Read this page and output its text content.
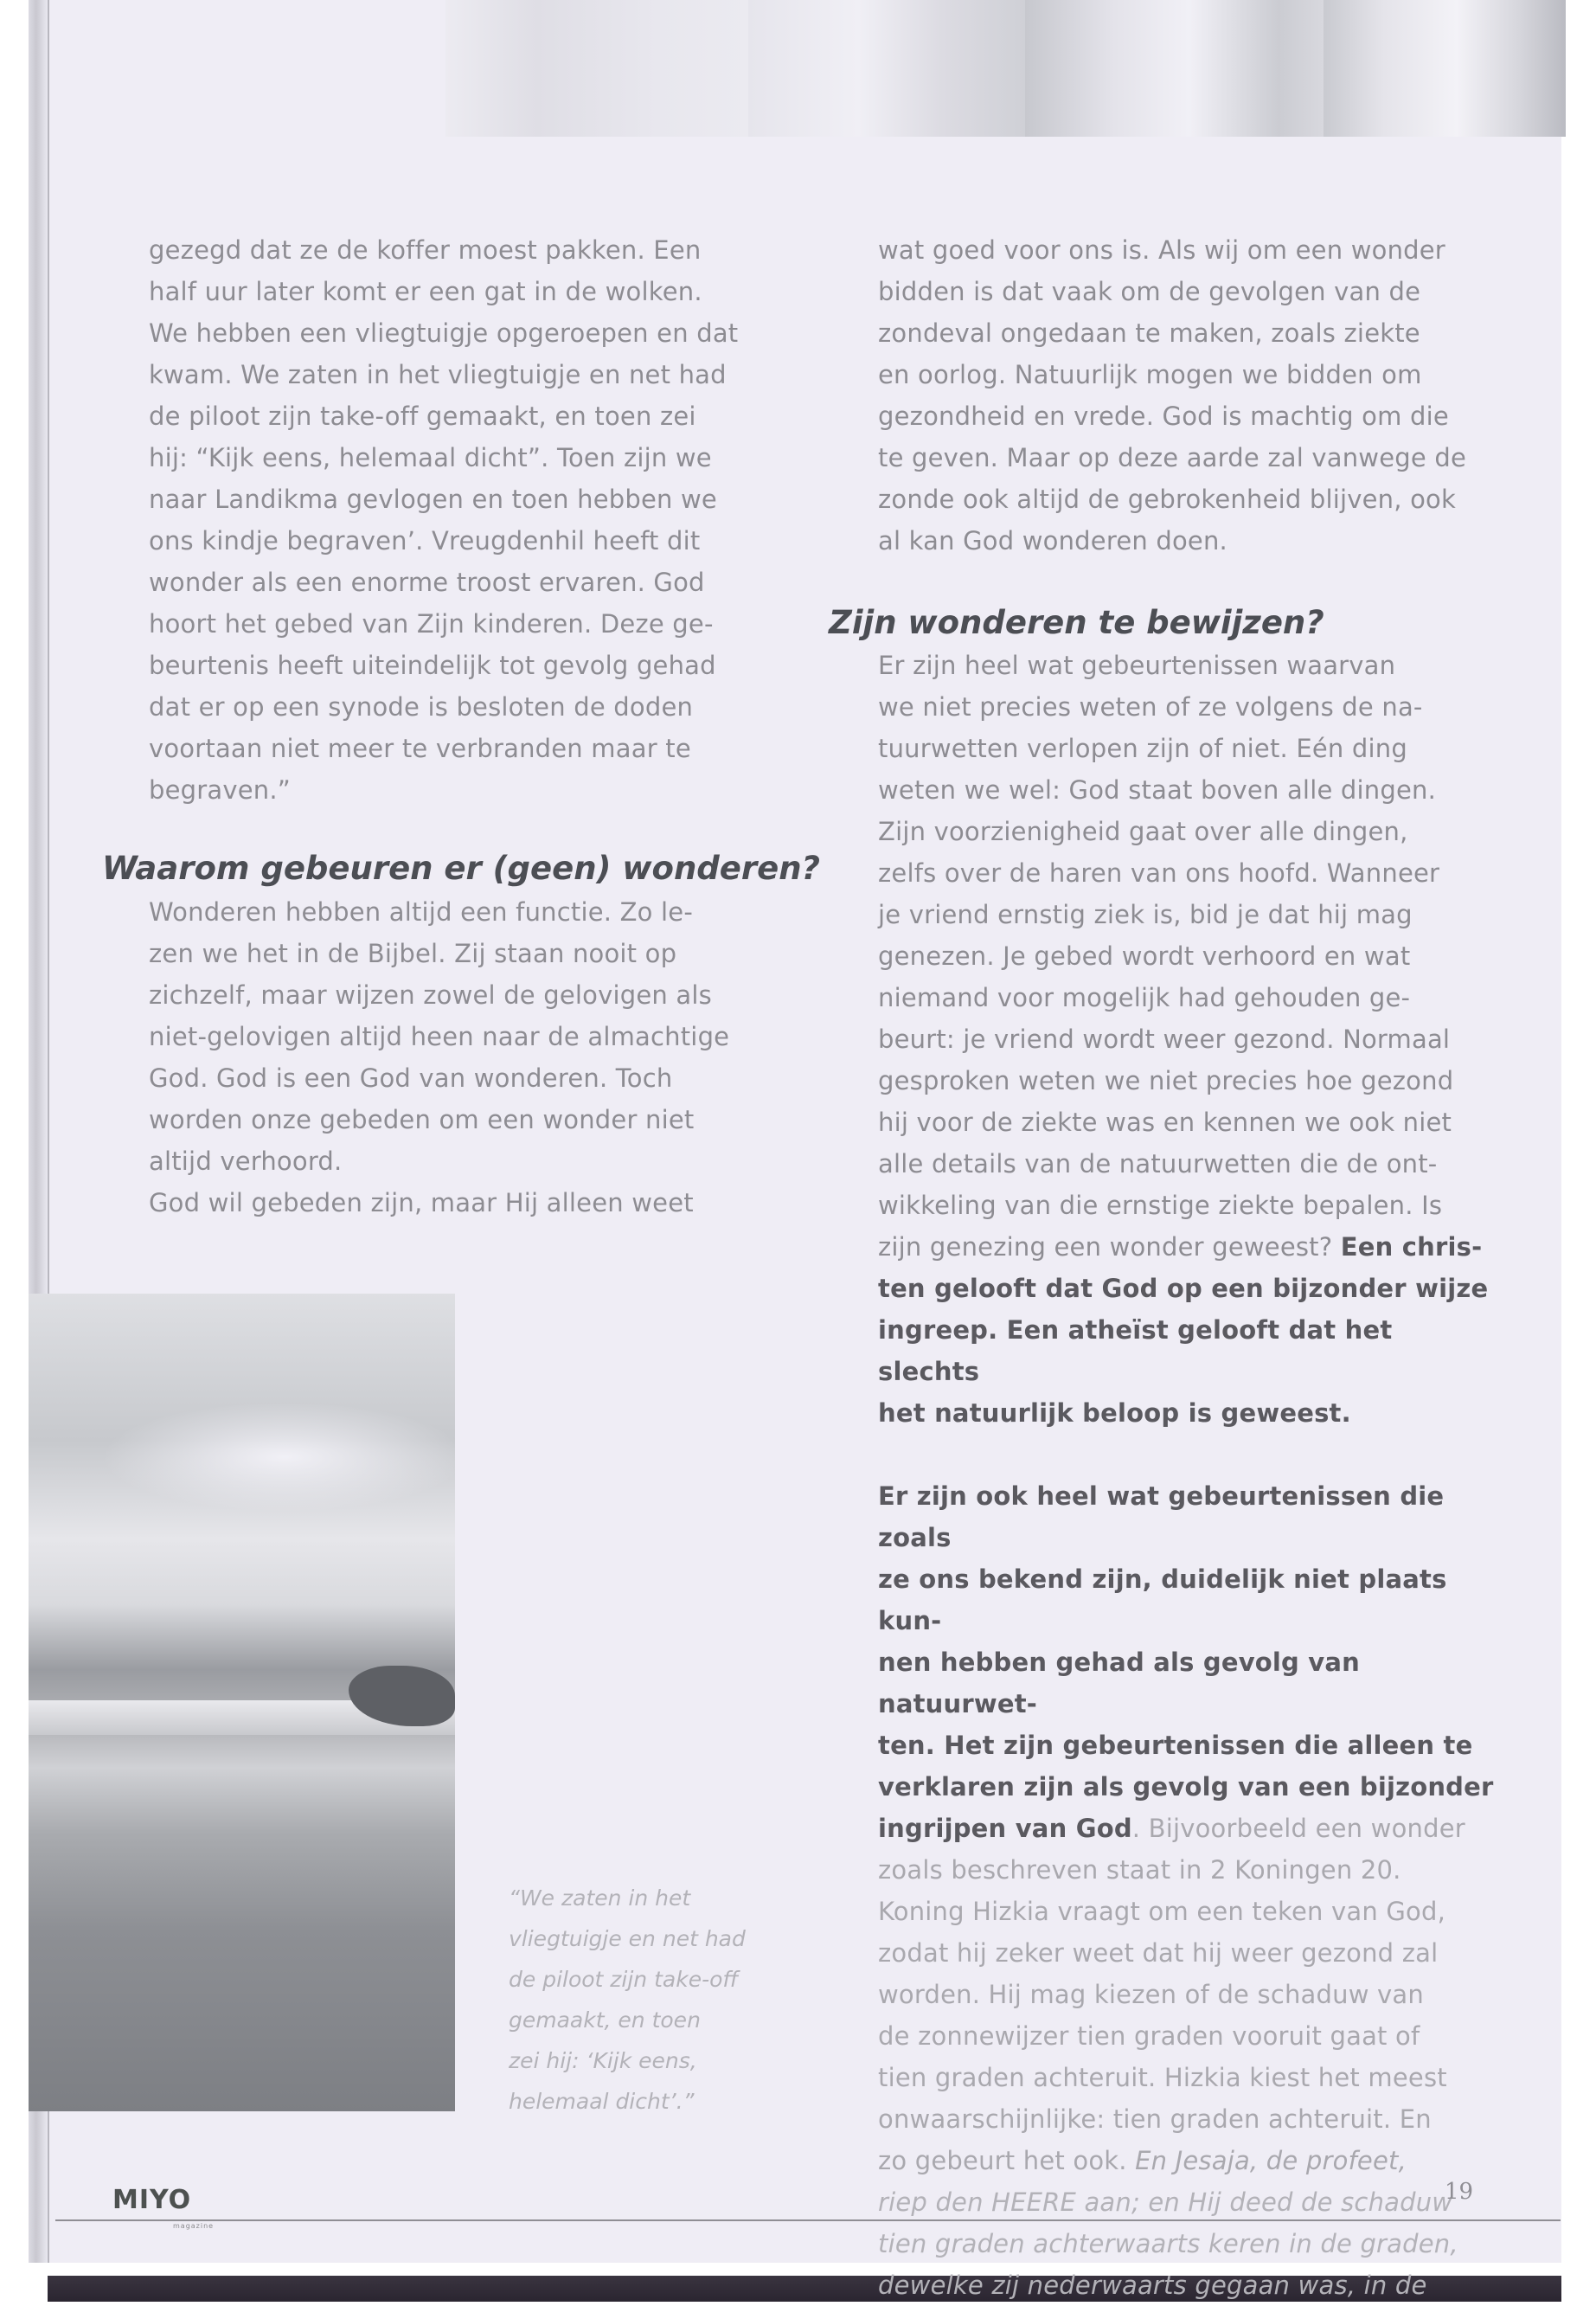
gezegd dat ze de koffer moest pakken. Een

half uur later komt er een gat in de wolken.

We hebben een vliegtuigje opgeroepen en dat

kwam. We zaten in het vliegtuigje en net had

de piloot zijn take-off gemaakt, en toen zei

hij: “Kijk eens, helemaal dicht”. Toen zijn we

naar Landikma gevlogen en toen hebben we

ons kindje begraven’. Vreugdenhil heeft dit

wonder als een enorme troost ervaren. God

hoort het gebed van Zijn kinderen. Deze ge-

beurtenis heeft uiteindelijk tot gevolg gehad

dat er op een synode is besloten de doden

voortaan niet meer te verbranden maar te

begraven.”

Waarom gebeuren er (geen) wonderen?

Wonderen hebben altijd een functie. Zo le-

zen we het in de Bijbel. Zij staan nooit op

zichzelf, maar wijzen zowel de gelovigen als

niet-gelovigen altijd heen naar de almachtige

God. God is een God van wonderen. Toch

worden onze gebeden om een wonder niet

altijd verhoord.

God wil gebeden zijn, maar Hij alleen weet

“We zaten in het
vliegtuigje en net had
de piloot zijn take-off
gemaakt, en toen
zei hij: ‘Kijk eens,
helemaal dicht’.”

wat goed voor ons is. Als wij om een wonder

bidden is dat vaak om de gevolgen van de

zondeval ongedaan te maken, zoals ziekte

en oorlog. Natuurlijk mogen we bidden om

gezondheid en vrede. God is machtig om die

te geven. Maar op deze aarde zal vanwege de

zonde ook altijd de gebrokenheid blijven, ook

al kan God wonderen doen.

Zijn wonderen te bewijzen?

Er zijn heel wat gebeurtenissen waarvan

we niet precies weten of ze volgens de na-

tuurwetten verlopen zijn of niet. Eén ding

weten we wel: God staat boven alle dingen.

Zijn voorzienigheid gaat over alle dingen,

zelfs over de haren van ons hoofd. Wanneer

je vriend ernstig ziek is, bid je dat hij mag

genezen. Je gebed wordt verhoord en wat

niemand voor mogelijk had gehouden ge-

beurt: je vriend wordt weer gezond. Normaal

gesproken weten we niet precies hoe gezond

hij voor de ziekte was en kennen we ook niet

alle details van de natuurwetten die de ont-

wikkeling van die ernstige ziekte bepalen. Is

zijn genezing een wonder geweest? Een chris-

ten gelooft dat God op een bijzonder wijze

ingreep. Een atheïst gelooft dat het slechts

het natuurlijk beloop is geweest.

Er zijn ook heel wat gebeurtenissen die zoals

ze ons bekend zijn, duidelijk niet plaats kun-

nen hebben gehad als gevolg van natuurwet-

ten. Het zijn gebeurtenissen die alleen te

verklaren zijn als gevolg van een bijzonder

ingrijpen van God. Bijvoorbeeld een wonder

zoals beschreven staat in 2 Koningen 20.

Koning Hizkia vraagt om een teken van God,

zodat hij zeker weet dat hij weer gezond zal

worden. Hij mag kiezen of de schaduw van

de zonnewijzer tien graden vooruit gaat of

tien graden achteruit. Hizkia kiest het meest

onwaarschijnlijke: tien graden achteruit. En

zo gebeurt het ook. En Jesaja, de profeet,

riep den HEERE aan; en Hij deed de schaduw

tien graden achterwaarts keren in de graden,

dewelke zij nederwaarts gegaan was, in de

MIYO
magazine
19
